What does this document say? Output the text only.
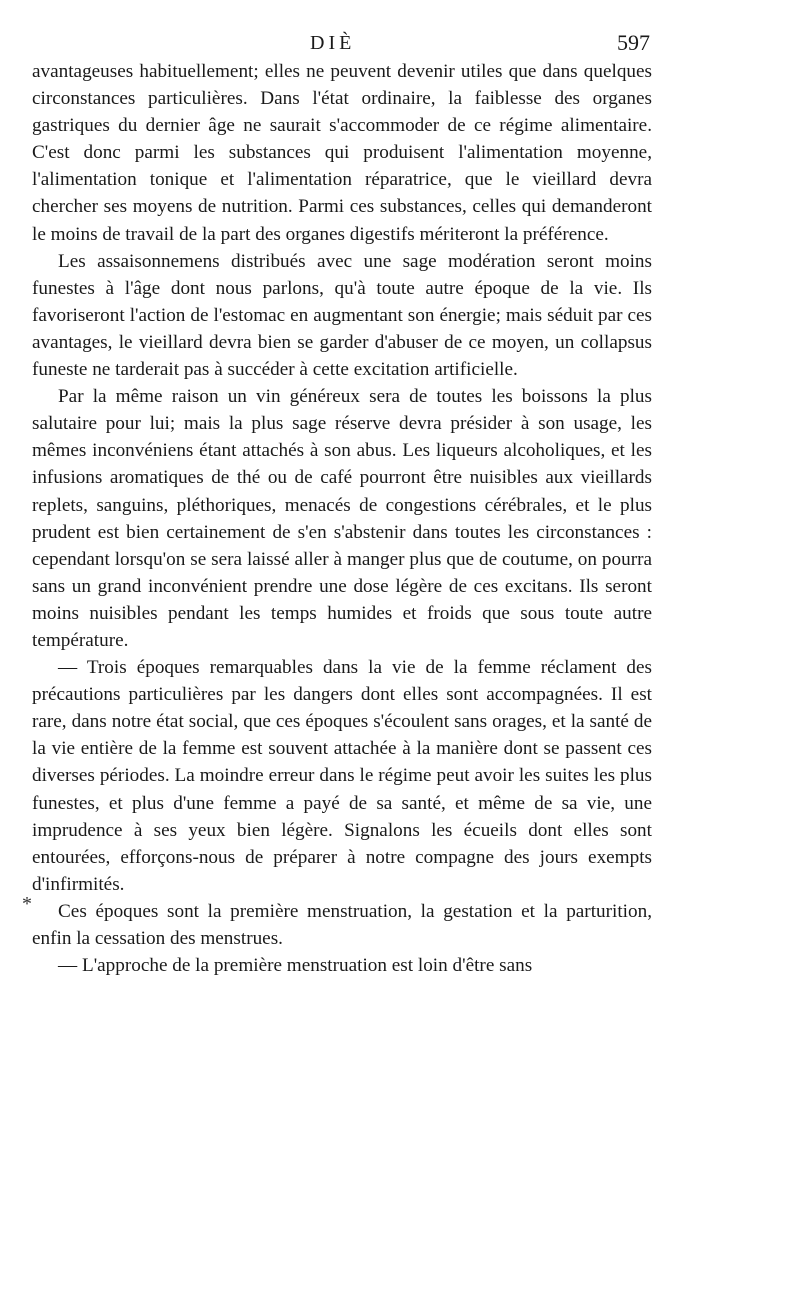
DIÈ	597

avantageuses habituellement; elles ne peuvent devenir utiles que dans quelques circonstances particulières. Dans l'état ordinaire, la faiblesse des organes gastriques du dernier âge ne saurait s'accommoder de ce régime alimentaire. C'est donc parmi les substances qui produisent l'alimentation moyenne, l'alimentation tonique et l'alimentation réparatrice, que le vieillard devra chercher ses moyens de nutrition. Parmi ces substances, celles qui demanderont le moins de travail de la part des organes digestifs mériteront la préférence.

Les assaisonnemens distribués avec une sage modération seront moins funestes à l'âge dont nous parlons, qu'à toute autre époque de la vie. Ils favoriseront l'action de l'estomac en augmentant son énergie; mais séduit par ces avantages, le vieillard devra bien se garder d'abuser de ce moyen, un collapsus funeste ne tarderait pas à succéder à cette excitation artificielle.

Par la même raison un vin généreux sera de toutes les boissons la plus salutaire pour lui; mais la plus sage réserve devra présider à son usage, les mêmes inconvéniens étant attachés à son abus. Les liqueurs alcoholiques, et les infusions aromatiques de thé ou de café pourront être nuisibles aux vieillards replets, sanguins, pléthoriques, menacés de congestions cérébrales, et le plus prudent est bien certainement de s'en s'abstenir dans toutes les circonstances : cependant lorsqu'on se sera laissé aller à manger plus que de coutume, on pourra sans un grand inconvénient prendre une dose légère de ces excitans. Ils seront moins nuisibles pendant les temps humides et froids que sous toute autre température.

— Trois époques remarquables dans la vie de la femme réclament des précautions particulières par les dangers dont elles sont accompagnées. Il est rare, dans notre état social, que ces époques s'écoulent sans orages, et la santé de la vie entière de la femme est souvent attachée à la manière dont se passent ces diverses périodes. La moindre erreur dans le régime peut avoir les suites les plus funestes, et plus d'une femme a payé de sa santé, et même de sa vie, une imprudence à ses yeux bien légère. Signalons les écueils dont elles sont entourées, efforçons-nous de préparer à notre compagne des jours exempts d'infirmités.

Ces époques sont la première menstruation, la gestation et la parturition, enfin la cessation des menstrues.

— L'approche de la première menstruation est loin d'être sans

*
